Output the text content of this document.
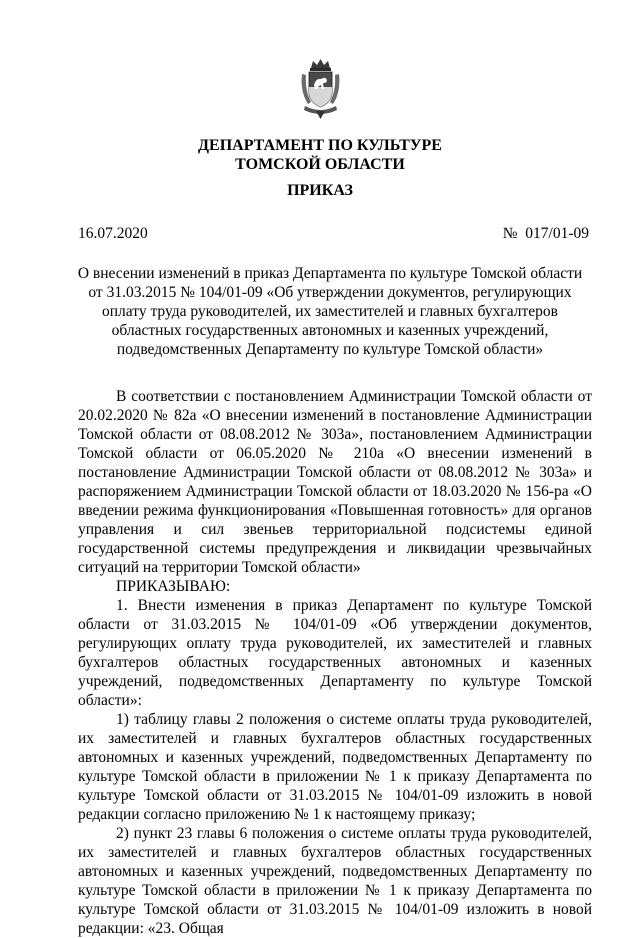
ДЕПАРТАМЕНТ ПО КУЛЬТУРЕ
ТОМСКОЙ ОБЛАСТИ
ПРИКАЗ
16.07.2020	№  017/01-09
О внесении изменений в приказ Департамента по культуре Томской области от 31.03.2015 № 104/01-09 «Об утверждении документов, регулирующих оплату труда руководителей, их заместителей и главных бухгалтеров областных государственных автономных и казенных учреждений, подведомственных Департаменту по культуре Томской области»

В соответствии с постановлением Администрации Томской области от 20.02.2020 № 82а «О внесении изменений в постановление Администрации Томской области от 08.08.2012 № 303а», постановлением Администрации Томской области от 06.05.2020 № 210а «О внесении изменений в постановление Администрации Томской области от 08.08.2012 № 303а» и распоряжением Администрации Томской области от 18.03.2020 № 156-ра «О введении режима функционирования «Повышенная готовность» для органов управления и сил звеньев территориальной подсистемы единой государственной системы предупреждения и ликвидации чрезвычайных ситуаций на территории Томской области»

ПРИКАЗЫВАЮ:

1. Внести изменения в приказ Департамент по культуре Томской области от 31.03.2015 № 104/01-09 «Об утверждении документов, регулирующих оплату труда руководителей, их заместителей и главных бухгалтеров областных государственных автономных и казенных учреждений, подведомственных Департаменту по культуре Томской области»:

1) таблицу главы 2 положения о системе оплаты труда руководителей, их заместителей и главных бухгалтеров областных государственных автономных и казенных учреждений, подведомственных Департаменту по культуре Томской области в приложении № 1 к приказу Департамента по культуре Томской области от 31.03.2015 № 104/01-09 изложить в новой редакции согласно приложению № 1 к настоящему приказу;

2) пункт 23 главы 6 положения о системе оплаты труда руководителей, их заместителей и главных бухгалтеров областных государственных автономных и казенных учреждений, подведомственных Департаменту по культуре Томской области в приложении № 1 к приказу Департамента по культуре Томской области от 31.03.2015 № 104/01-09 изложить в новой редакции: «23. Общая
